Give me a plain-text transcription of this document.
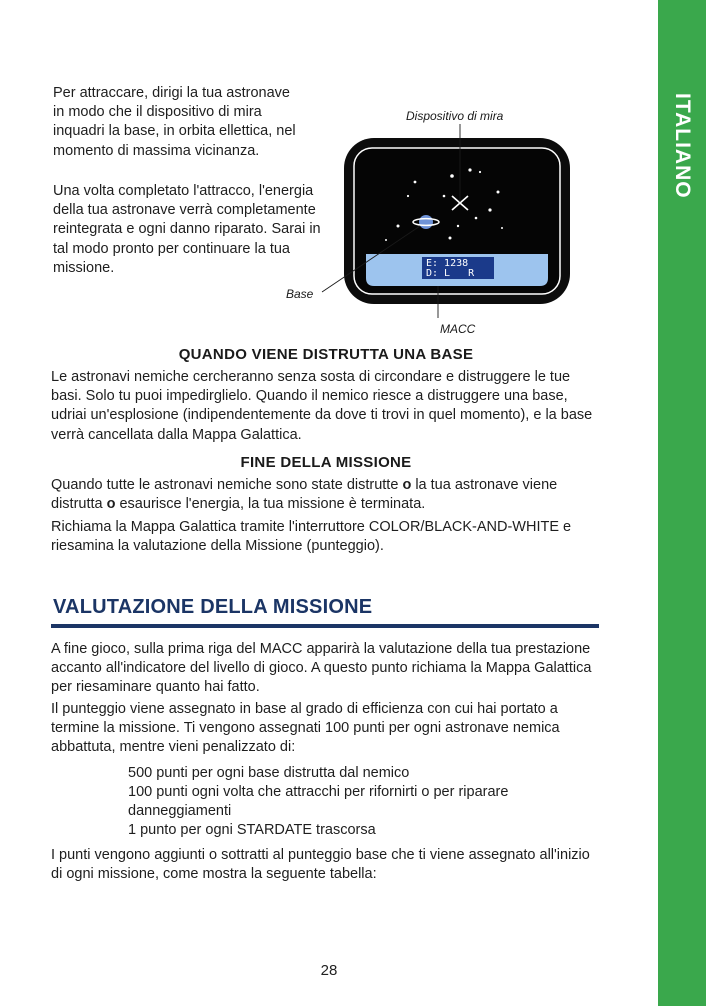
ITALIANO

Per attraccare, dirigi la tua astronave in modo che il dispositivo di mira inquadri la base, in orbita ellettica, nel momento di massima vicinanza.

Una volta completato l'attracco, l'energia della tua astronave verrà completamente reintegrata e ogni danno riparato. Sarai in tal modo pronto per continuare la tua missione.	E: 1238
D: L   R
Dispositivo di mira
Base
MACC
QUANDO VIENE DISTRUTTA UNA BASE

Le astronavi nemiche cercheranno senza sosta di circondare e distruggere le tue basi. Solo tu puoi impedirglielo. Quando il nemico riesce a distruggere una base, udriai un'esplosione (indipendentemente da dove ti trovi in quel momento), e la base verrà cancellata dalla Mappa Galattica.

FINE DELLA MISSIONE

Quando tutte le astronavi nemiche sono state distrutte o la tua astronave viene distrutta o esaurisce l'energia, la tua missione è terminata.

Richiama la Mappa Galattica tramite l'interruttore COLOR/BLACK-AND-WHITE e riesamina la valutazione della Missione (punteggio).

VALUTAZIONE DELLA MISSIONE

A fine gioco, sulla prima riga del MACC apparirà la valutazione della tua prestazione accanto all'indicatore del livello di gioco. A questo punto richiama la Mappa Galattica per riesaminare quanto hai fatto.

Il punteggio viene assegnato in base al grado di efficienza con cui hai portato a termine la missione. Ti vengono assegnati 100 punti per ogni astronave nemica abbattuta, mentre vieni penalizzato di:

500 punti per ogni base distrutta dal nemico
100 punti ogni volta che attracchi per rifornirti o per riparare danneggiamenti
1 punto per ogni STARDATE trascorsa

I punti vengono aggiunti o sottratti al punteggio base che ti viene assegnato all'inizio di ogni missione, come mostra la seguente tabella:

28
